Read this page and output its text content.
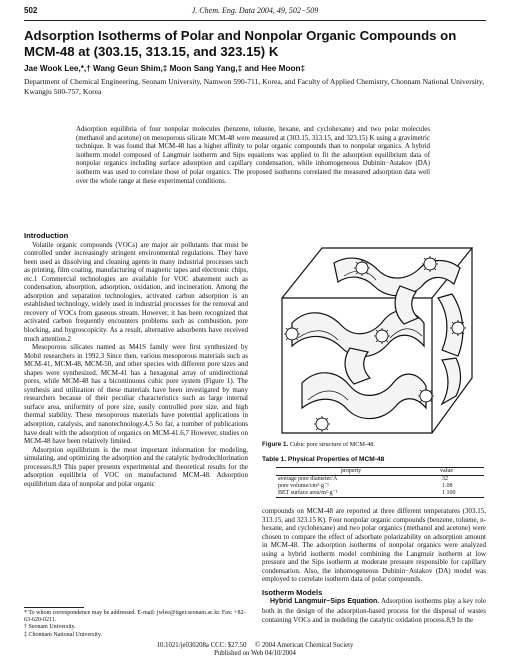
502	J. Chem. Eng. Data 2004, 49, 502−509
Adsorption Isotherms of Polar and Nonpolar Organic Compounds on MCM-48 at (303.15, 313.15, and 323.15) K
Jae Wook Lee,*,† Wang Geun Shim,‡ Moon Sang Yang,‡ and Hee Moon‡
Department of Chemical Engineering, Seonam University, Namwon 590-711, Korea, and Faculty of Applied Chemistry, Chonnam National University, Kwangju 500-757, Korea
Adsorption equilibria of four nonpolar molecules (benzene, toluene, hexane, and cyclohexane) and two polar molecules (methanol and acetone) on mesoporous silicate MCM-48 were measured at (303.15, 313.15, and 323.15) K using a gravimetric technique. It was found that MCM-48 has a higher affinity to polar organic compounds than to nonpolar organics. A hybrid isotherm model composed of Langmuir isotherm and Sips equations was applied to fit the adsorption equilibrium data of nonpolar organics including surface adsorption and capillary condensation, while inhomogeneous Dubinin−Astakov (DA) isotherm was used to correlate those of polar organics. The proposed isotherms correlated the measured adsorption data well over the whole range at these experimental conditions.

Introduction

Volatile organic compounds (VOCs) are major air pollutants that must be controlled under increasingly stringent environmental regulations. They have been used as dissolving and cleaning agents in many industrial processes such as printing, film coating, manufacturing of magnetic tapes and electronic chips, etc.1 Commercial technologies are available for VOC abatement such as condensation, absorption, adsorption, oxidation, and incineration. Among the adsorption and separation technologies, activated carbon adsorption is an established technology, widely used in industrial processes for the removal and recovery of VOCs from gaseous stream. However, it has been recognized that activated carbon frequently encounters problems such as combustion, pore blocking, and hygroscopicity. As a result, alternative adsorbents have received much attention.2

Mesoporous silicates named as M41S family were first synthesized by Mobil researchers in 1992.3 Since then, various mesoporous materials such as MCM-41, MCM-48, MCM-50, and other species with different pore sizes and shapes were synthesized. MCM-41 has a hexagonal array of unidirectional pores, while MCM-48 has a bicontinuous cubic pore system (Figure 1). The synthesis and utilization of these materials have been investigated by many researchers because of their peculiar characteristics such as large internal surface area, uniformity of pore size, easily controlled pore size, and high thermal stability. These mesoporous materials have potential applications in adsorption, catalysis, and nanotechnology.4,5 So far, a number of publications have dealt with the adsorption of organics on MCM-41.6,7 However, studies on MCM-48 have been relatively limited.

Adsorption equilibrium is the most important information for modeling, simulating, and optimizing the adsorption and the catalytic hydrodechlorination processes.8,9 This paper presents experimental and theoretical results for the adsorption equilibria of VOC on manufactured MCM-48. Adsorption equilibrium data of nonpolar and polar organic

Figure 1. Cubic pore structure of MCM-48.
Table 1. Physical Properties of MCM-48
property	value
average pore diameter/Å	32
pore volume/cm³·g⁻¹	1.08
BET surface area/m²·g⁻¹	1 100

compounds on MCM-48 are reported at three different temperatures (303.15, 313.15, and 323.15 K). Four nonpolar organic compounds (benzene, toluene, n-hexane, and cyclohexane) and two polar organics (methanol and acetone) were chosen to compare the effect of adsorbate polarizability on adsorption amount in MCM-48. The adsorption isotherms of nonpolar organics were analyzed using a hybrid isotherm model combining the Langmuir isotherm at low pressure and the Sips isotherm at moderate pressure responsible for capillary condensation. Also, the inhomogeneous Dubinin−Astakov (DA) model was employed to correlate isotherm data of polar compounds.

Isotherm Models

Hybrid Langmuir−Sips Equation. Adsorption isotherms play a key role both in the design of the adsorption-based process for the disposal of wastes containing VOCs and in modeling the catalytic oxidation process.8,9 In the

* To whom correspondence may be addressed. E-mail: jwlee@tiger.seonam.ac.kr. Fax: +82-63-620-0211.
† Seonam University.
‡ Chonnam National University.
10.1021/je030208a CCC: $27.50     © 2004 American Chemical Society
Published on Web 04/10/2004
